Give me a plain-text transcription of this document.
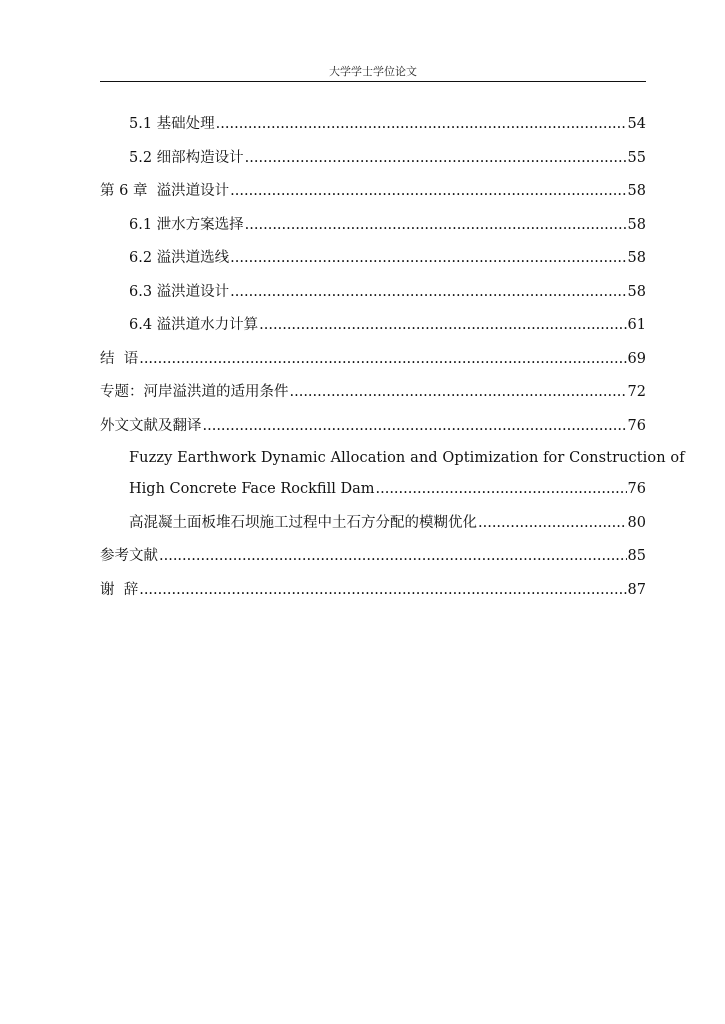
大学学士学位论文
5.1 基础处理 .....	54
5.2 细部构造设计 .....	55
第 6 章  溢洪道设计 .....	58
6.1 泄水方案选择 .....	58
6.2 溢洪道选线 .....	58
6.3 溢洪道设计 .....	58
6.4 溢洪道水力计算 .....	61
结  语 .....	69
专题：河岸溢洪道的适用条件 .....	72
外文文献及翻译 .....	76
Fuzzy Earthwork Dynamic Allocation and Optimization for Construction of
High Concrete Face Rockfill Dam .....	76
高混凝土面板堆石坝施工过程中土石方分配的模糊优化 .....	80
参考文献 .....	85
谢  辞 .....	87
